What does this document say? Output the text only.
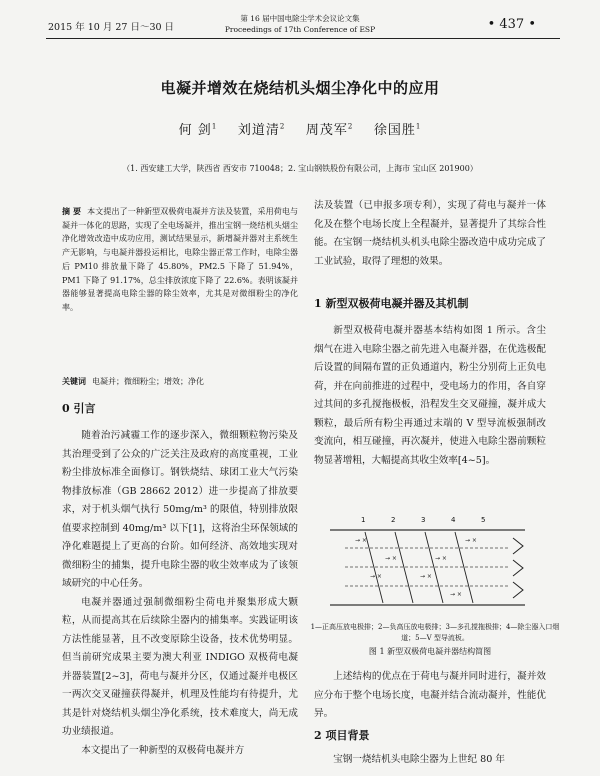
2015 年 10 月 27 日～30 日
第 16 届中国电除尘学术会议论文集
Proceedings of 17th Conference of ESP	• 437 •
电凝并增效在烧结机头烟尘净化中的应用
何 剑$^1$ 刘道清$^2$ 周茂军$^2$ 徐国胜$^1$
（1. 西安建工大学，陕西省 西安市 710048；2. 宝山钢铁股份有限公司，上海市 宝山区 201900）
摘 要 本文提出了一种新型双极荷电凝并方法及装置，采用荷电与凝并一体化的思路，实现了全电场凝并，推出宝钢一烧结机头烟尘净化增效改造中成功应用，测试结果显示，新增凝并器对主系统生产无影响，与电凝并器投运相比，电除尘器正常工作时，电除尘器后 PM10 排放量下降了 45.80%，PM2.5 下降了 51.94%，PM1 下降了 91.17%，总尘排放浓度下降了 22.6%。表明该凝并器能够显著提高电除尘器的除尘效率，尤其是对微细粉尘的净化率。
关键词 电凝并；微细粉尘；增效；净化
0 引言

随着治污减霾工作的逐步深入，微细颗粒物污染及其治理受到了公众的广泛关注及政府的高度重视，工业粉尘排放标准全面修订。钢铁烧结、球团工业大气污染物排放标准（GB 28662 2012）进一步提高了排放要求，对于机头烟气执行 50mg/m³ 的限值，特别排放限值要求控制到 40mg/m³ 以下[1]，这将治尘环保领域的净化难题提上了更高的台阶。如何经济、高效地实现对微细粉尘的捕集，提升电除尘器的收尘效率成为了该领域研究的中心任务。

电凝并器通过强制微细粉尘荷电并聚集形成大颗粒，从而提高其在后续除尘器内的捕集率。实践证明该方法性能显著，且不改变原除尘设备，技术优势明显。但当前研究成果主要为澳大利亚 INDIGO 双极荷电凝并器装置[2~3]，荷电与凝并分区，仅通过凝并电极区一两次交叉碰撞获得凝并，机理及性能均有待提升，尤其是针对烧结机头烟尘净化系统，技术难度大，尚无成功业绩报道。

本文提出了一种新型的双极荷电凝并方

法及装置（已申报多项专利），实现了荷电与凝并一体化及在整个电场长度上全程凝并，显著提升了其综合性能。在宝钢一烧结机头机头电除尘器改造中成功完成了工业试验，取得了理想的效果。

1 新型双极荷电凝并器及其机制

新型双极荷电凝并器基本结构如图 1 所示。含尘烟气在进入电除尘器之前先进入电凝并器，在优选极配后设置的间隔布置的正负通道内，粉尘分别荷上正负电荷，并在向前推进的过程中，受电场力的作用，各自穿过其间的多孔搅拖极板，沿程发生交叉碰撞，凝并成大颗粒，最后所有粉尘再通过末端的 V 型导流板强制改变流向，相互碰撞，再次凝并，使进入电除尘器前颗粒物显著增粗，大幅提高其收尘效率[4~5]。

→ ×
→ ×
→ ×
→ ×
→ ×
→ ×
→ ×
1	2	3	4	5
1—正高压放电极排；2—负高压放电极排；3—多孔搅拖极排；4—除尘器入口烟道；5—V 型导流板。
图 1 新型双极荷电凝并器结构简图

上述结构的优点在于荷电与凝并同时进行，凝并效应分布于整个电场长度，电凝并结合流动凝并，性能优异。

2 项目背景

宝钢一烧结机头电除尘器为上世纪 80 年
